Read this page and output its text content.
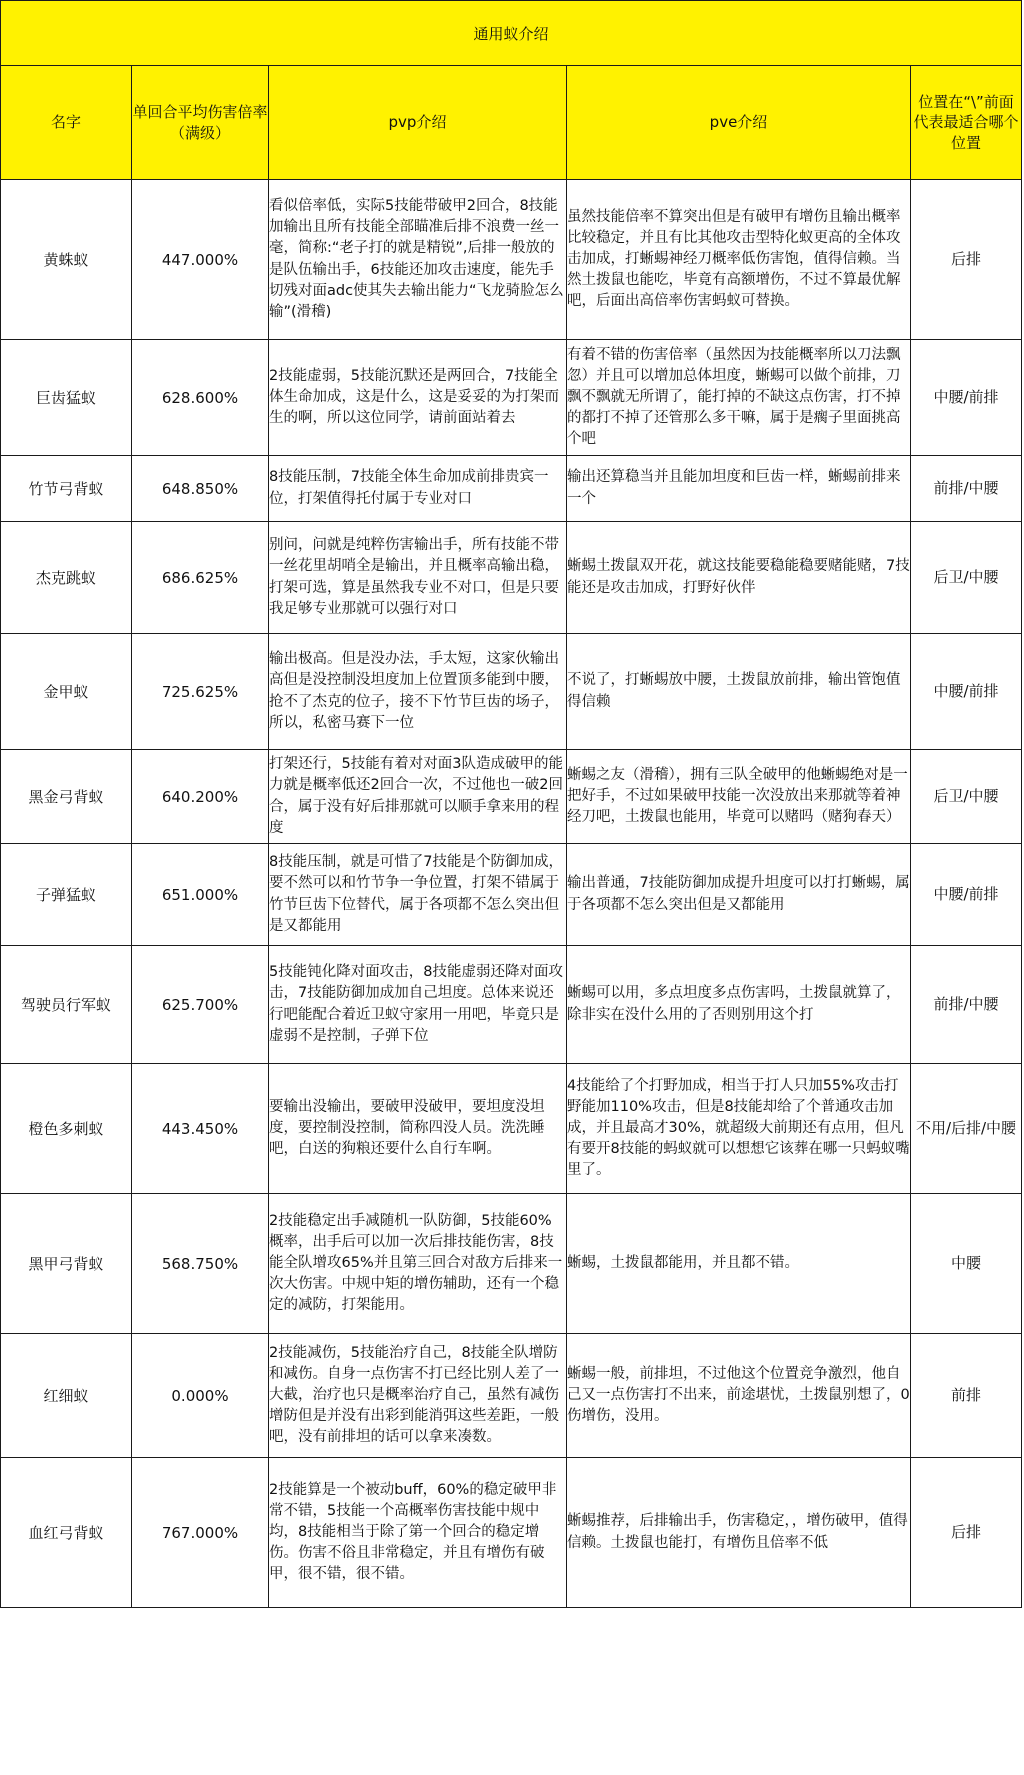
通用蚁介绍				
名字	单回合平均伤害倍率（满级）	pvp介绍	pve介绍	位置在“\”前面代表最适合哪个位置
黄蛛蚁	447.000%	看似倍率低，实际5技能带破甲2回合，8技能加输出且所有技能全部瞄准后排不浪费一丝一毫，简称:“老子打的就是精锐”,后排一般放的是队伍输出手，6技能还加攻击速度，能先手切残对面adc使其失去输出能力“飞龙骑脸怎么输”(滑稽)	虽然技能倍率不算突出但是有破甲有增伤且输出概率比较稳定，并且有比其他攻击型特化蚁更高的全体攻击加成，打蜥蜴神经刀概率低伤害饱，值得信赖。当然土拨鼠也能吃，毕竟有高额增伤，不过不算最优解吧，后面出高倍率伤害蚂蚁可替换。	后排
巨齿猛蚁	628.600%	2技能虚弱，5技能沉默还是两回合，7技能全体生命加成，这是什么，这是妥妥的为打架而生的啊，所以这位同学，请前面站着去	有着不错的伤害倍率（虽然因为技能概率所以刀法飘忽）并且可以增加总体坦度，蜥蜴可以做个前排，刀飘不飘就无所谓了，能打掉的不缺这点伤害，打不掉的都打不掉了还管那么多干嘛，属于是瘸子里面挑高个吧	中腰/前排
竹节弓背蚁	648.850%	8技能压制，7技能全体生命加成前排贵宾一位，打架值得托付属于专业对口	输出还算稳当并且能加坦度和巨齿一样，蜥蜴前排来一个	前排/中腰
杰克跳蚁	686.625%	别问，问就是纯粹伤害输出手，所有技能不带一丝花里胡哨全是输出，并且概率高输出稳，打架可选，算是虽然我专业不对口，但是只要我足够专业那就可以强行对口	蜥蜴土拨鼠双开花，就这技能要稳能稳要赌能赌，7技能还是攻击加成，打野好伙伴	后卫/中腰
金甲蚁	725.625%	输出极高。但是没办法，手太短，这家伙输出高但是没控制没坦度加上位置顶多能到中腰，抢不了杰克的位子，接不下竹节巨齿的场子，所以，私密马赛下一位	不说了，打蜥蜴放中腰，土拨鼠放前排，输出管饱值得信赖	中腰/前排
黑金弓背蚁	640.200%	打架还行，5技能有着对对面3队造成破甲的能力就是概率低还2回合一次，不过他也一破2回合，属于没有好后排那就可以顺手拿来用的程度	蜥蜴之友（滑稽），拥有三队全破甲的他蜥蜴绝对是一把好手，不过如果破甲技能一次没放出来那就等着神经刀吧，土拨鼠也能用，毕竟可以赌吗（赌狗春天）	后卫/中腰
子弹猛蚁	651.000%	8技能压制，就是可惜了7技能是个防御加成，要不然可以和竹节争一争位置，打架不错属于竹节巨齿下位替代，属于各项都不怎么突出但是又都能用	输出普通，7技能防御加成提升坦度可以打打蜥蜴，属于各项都不怎么突出但是又都能用	中腰/前排
驾驶员行军蚁	625.700%	5技能钝化降对面攻击，8技能虚弱还降对面攻击，7技能防御加成加自己坦度。总体来说还行吧能配合着近卫蚁守家用一用吧，毕竟只是虚弱不是控制，子弹下位	蜥蜴可以用，多点坦度多点伤害吗，土拨鼠就算了，除非实在没什么用的了否则别用这个打	前排/中腰
橙色多刺蚁	443.450%	要输出没输出，要破甲没破甲，要坦度没坦度，要控制没控制，简称四没人员。洗洗睡吧，白送的狗粮还要什么自行车啊。	4技能给了个打野加成，相当于打人只加55%攻击打野能加110%攻击，但是8技能却给了个普通攻击加成，并且最高才30%，就超级大前期还有点用，但凡有要开8技能的蚂蚁就可以想想它该葬在哪一只蚂蚁嘴里了。	不用/后排/中腰
黑甲弓背蚁	568.750%	2技能稳定出手减随机一队防御，5技能60%概率，出手后可以加一次后排技能伤害，8技能全队增攻65%并且第三回合对敌方后排来一次大伤害。中规中矩的增伤辅助，还有一个稳定的减防，打架能用。	蜥蜴，土拨鼠都能用，并且都不错。	中腰
红细蚁	0.000%	2技能减伤，5技能治疗自己，8技能全队增防和减伤。自身一点伤害不打已经比别人差了一大截，治疗也只是概率治疗自己，虽然有减伤增防但是并没有出彩到能消弭这些差距，一般吧，没有前排坦的话可以拿来凑数。	蜥蜴一般，前排坦，不过他这个位置竞争激烈，他自己又一点伤害打不出来，前途堪忧，土拨鼠别想了，0伤增伤，没用。	前排
血红弓背蚁	767.000%	2技能算是一个被动buff，60%的稳定破甲非常不错，5技能一个高概率伤害技能中规中均，8技能相当于除了第一个回合的稳定增伤。伤害不俗且非常稳定，并且有增伤有破甲，很不错，很不错。	蜥蜴推荐，后排输出手，伤害稳定，，增伤破甲，值得信赖。土拨鼠也能打，有增伤且倍率不低	后排
